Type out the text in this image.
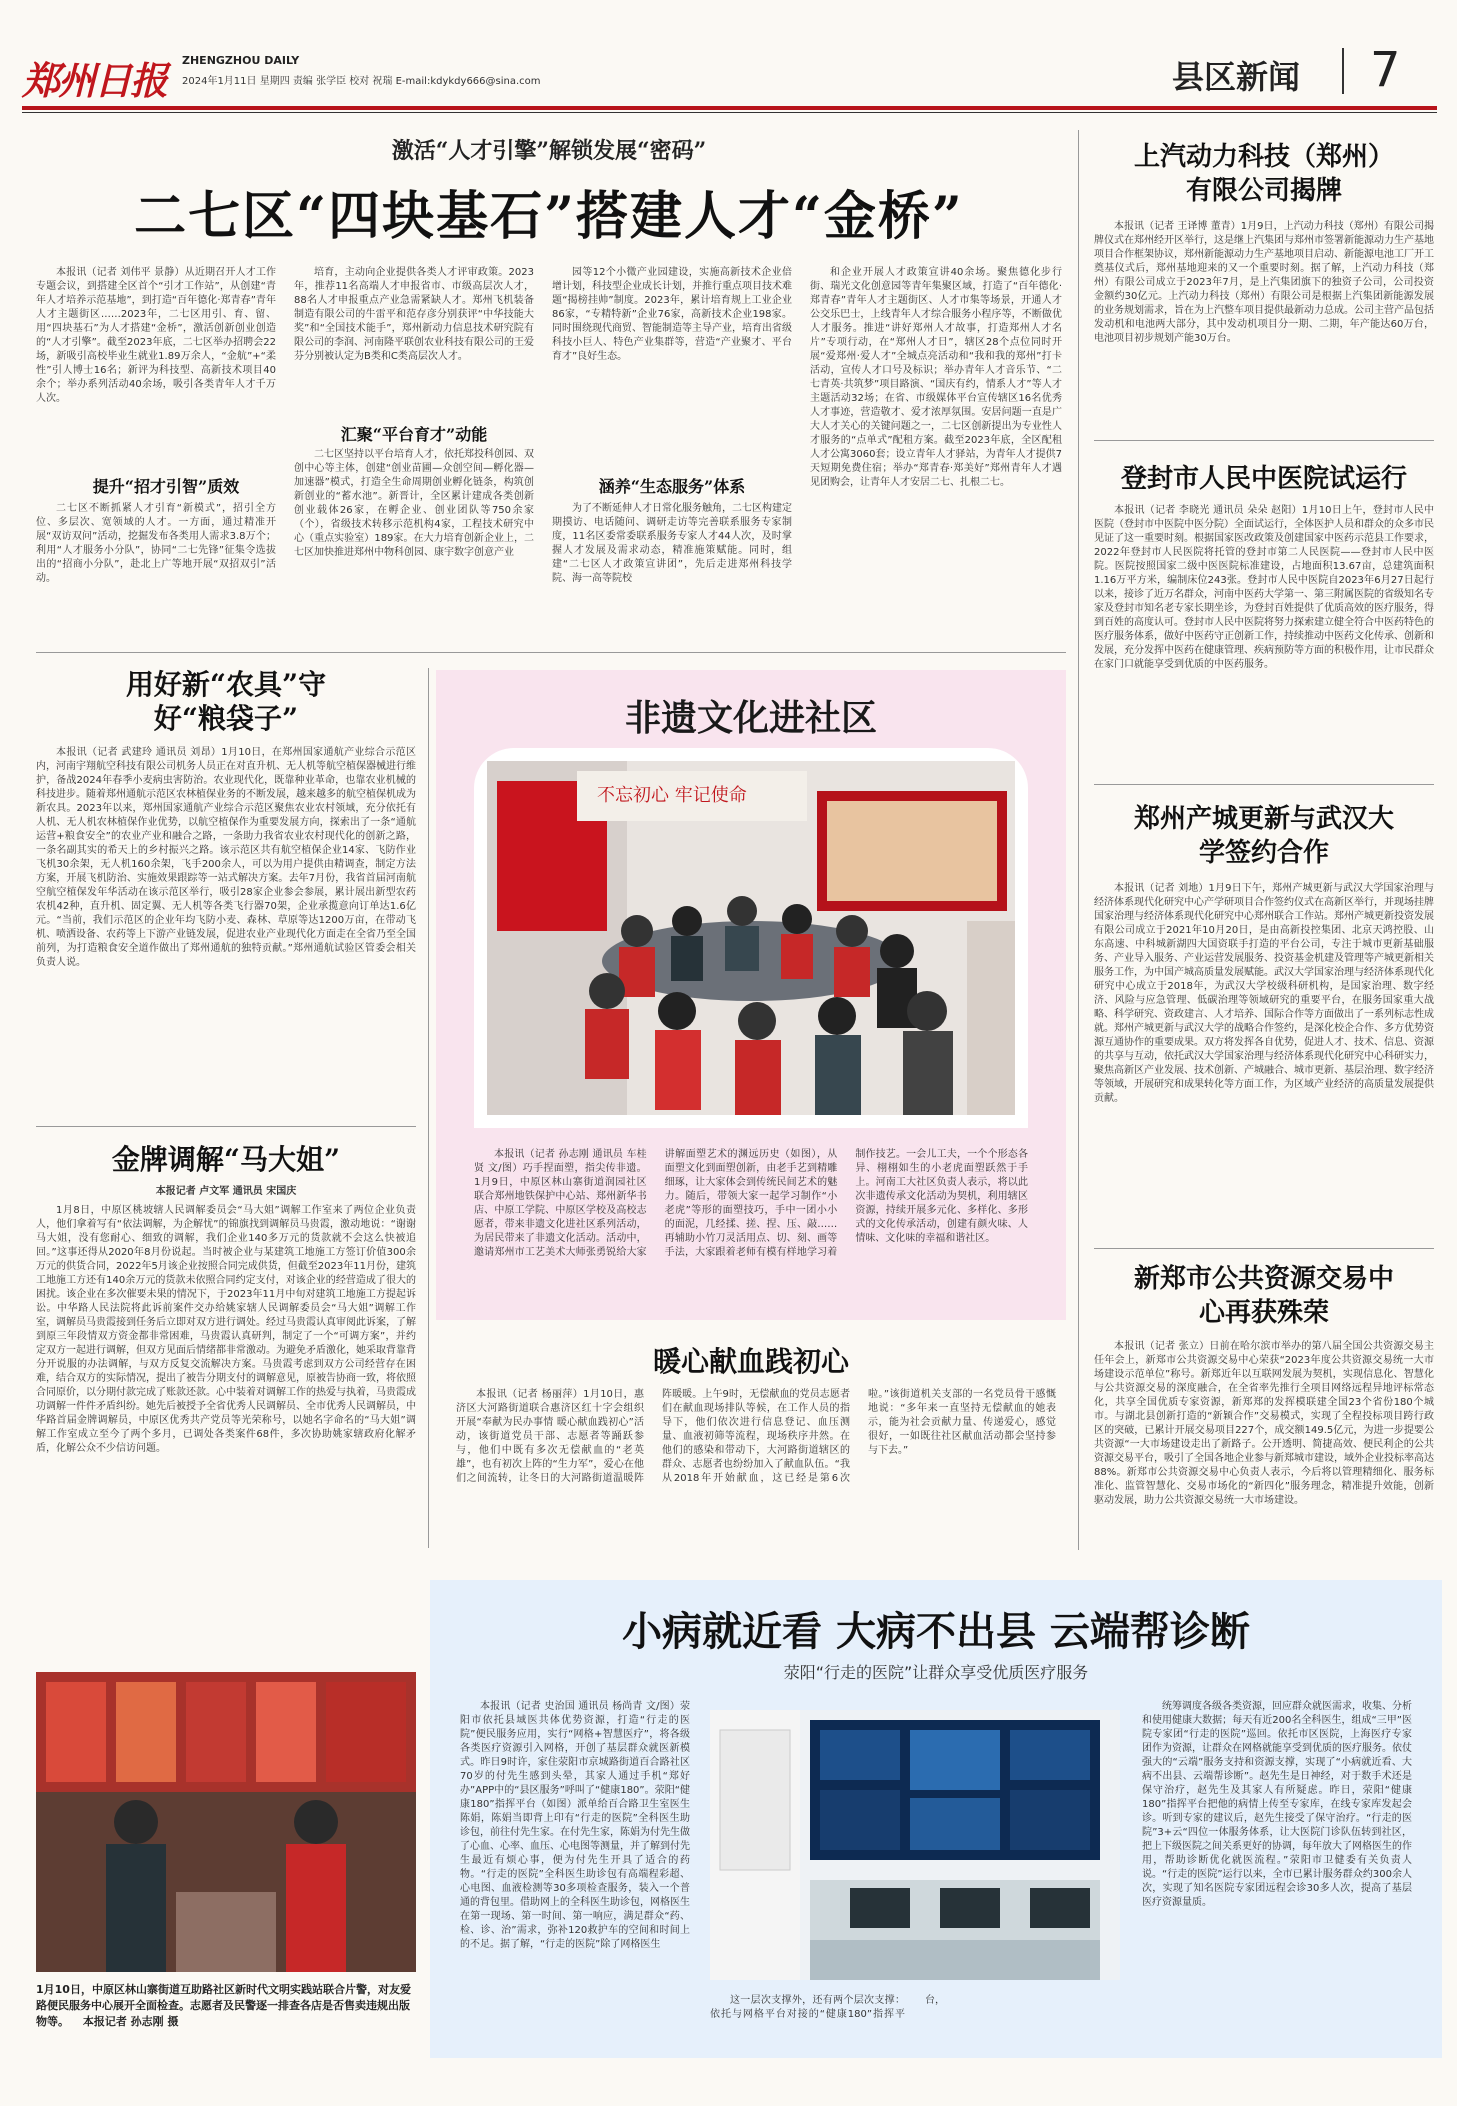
郑州日报 ZHENGZHOU DAILY
2024年1月11日 星期四 责编 张学臣 校对 祝瑞 E-mail:kdykdy666@sina.com	县区新闻 7
激活“人才引擎”解锁发展“密码”
二七区“四块基石”搭建人才“金桥”

本报讯（记者 刘伟平 景静）从近期召开人才工作专题会议，到搭建全区首个“引才工作站”，从创建“青年人才培养示范基地”，到打造“百年德化·郑青春”青年人才主题街区……2023年，二七区用引、育、留、用“四块基石”为人才搭建“金桥”，激活创新创业创造的“人才引擎”。截至2023年底，二七区举办招聘会22场，新吸引高校毕业生就业1.89万余人，“金航”+“柔性”引人博士16名；新评为科技型、高新技术项目40余个；举办系列活动40余场，吸引各类青年人才千万人次。

提升“招才引智”质效

二七区不断抓紧人才引育“新模式”，招引全方位、多层次、宽领域的人才。一方面，通过精准开展“双访双问”活动，挖掘发布各类用人需求3.8万个；利用“人才服务小分队”，协同“二七先锋”征集令选拔出的“招商小分队”，赴北上广等地开展“双招双引”活动。

培育，主动向企业提供各类人才评审政策。2023年，推荐11名高端人才申报省市、市级高层次人才，88名人才申报重点产业急需紧缺人才。郑州飞机装备制造有限公司的牛雷平和范存彦分别获评“中华技能大奖”和“全国技术能手”，郑州新动力信息技术研究院有限公司的李润、河南隆平联创农业科技有限公司的王爱芬分别被认定为B类和C类高层次人才。

汇聚“平台育才”动能

二七区坚持以平台培育人才，依托郑投科创园、双创中心等主体，创建“创业苗圃—众创空间—孵化器—加速器”模式，打造全生命周期创业孵化链条，构筑创新创业的“蓄水池”。新晋计，全区累计建成各类创新创业载体26家，在孵企业、创业团队等750余家（个），省级技术转移示范机构4家，工程技术研究中心（重点实验室）189家。在大力培育创新企业上，二七区加快推进郑州中物科创园、康宇数字创意产业

园等12个小微产业园建设，实施高新技术企业倍增计划，科技型企业成长计划，并推行重点项目技术难题“揭榜挂帅”制度。2023年，累计培育规上工业企业86家，“专精特新”企业76家，高新技术企业198家。同时围绕现代商贸、智能制造等主导产业，培育出省级科技小巨人、特色产业集群等，营造“产业聚才、平台育才”良好生态。

涵养“生态服务”体系

为了不断延伸人才日常化服务触角，二七区构建定期摸访、电话随问、调研走访等完善联系服务专家制度，11名区委常委联系服务专家人才44人次，及时掌握人才发展及需求动态，精准施策赋能。同时，组建“二七区人才政策宣讲团”，先后走进郑州科技学院、海一高等院校

和企业开展人才政策宣讲40余场。聚焦德化步行街、瑞光文化创意园等青年集聚区域，打造了“百年德化·郑青春”青年人才主题街区、人才市集等场景，开通人才公交乐巴士，上线青年人才综合服务小程序等，不断做优人才服务。推进“讲好郑州人才故事，打造郑州人才名片”专项行动，在“郑州人才日”，辖区28个点位同时开展“爱郑州·爱人才”全城点亮活动和“我和我的郑州”打卡活动，宣传人才口号及标识；举办青年人才音乐节、“二七青英·共筑梦”项目路演、“国庆有约，情系人才”等人才主题活动32场；在省、市级媒体平台宣传辖区16名优秀人才事迹，营造敬才、爱才浓厚氛围。安居问题一直是广大人才关心的关键问题之一，二七区创新提出为专业性人才服务的“点单式”配租方案。截至2023年底，全区配租人才公寓3060套；设立青年人才驿站，为青年人才提供7天短期免费住宿；举办“郑青春·郑美好”郑州青年人才遇见团购会，让青年人才安居二七、扎根二七。

上汽动力科技（郑州）有限公司揭牌

本报讯（记者 王译博 董青）1月9日，上汽动力科技（郑州）有限公司揭牌仪式在郑州经开区举行，这是继上汽集团与郑州市签署新能源动力生产基地项目合作框架协议，郑州新能源动力生产基地项目启动、新能源电池工厂开工奠基仪式后，郑州基地迎来的又一个重要时刻。据了解，上汽动力科技（郑州）有限公司成立于2023年7月，是上汽集团旗下的独资子公司，公司投资金额约30亿元。上汽动力科技（郑州）有限公司是根据上汽集团新能源发展的业务规划需求，旨在为上汽整车项目提供最新动力总成。公司主营产品包括发动机和电池两大部分，其中发动机项目分一期、二期，年产能达60万台，电池项目初步规划产能30万台。

登封市人民中医院试运行

本报讯（记者 李晓光 通讯员 朵朵 赵阳）1月10日上午，登封市人民中医院（登封市中医院中医分院）全面试运行，全体医护人员和群众的众多市民见证了这一重要时刻。根据国家医改政策及创建国家中医药示范县工作要求，2022年登封市人民医院将托管的登封市第二人民医院——登封市人民中医院。医院按照国家二级中医医院标准建设，占地面积13.67亩，总建筑面积1.16万平方米，编制床位243张。登封市人民中医院自2023年6月27日起行以来，接诊了近万名群众，河南中医药大学第一、第三附属医院的省级知名专家及登封市知名老专家长期坐诊，为登封百姓提供了优质高效的医疗服务，得到百姓的高度认可。登封市人民中医院将努力探索建立健全符合中医药特色的医疗服务体系，做好中医药守正创新工作，持续推动中医药文化传承、创新和发展，充分发挥中医药在健康管理、疾病预防等方面的积极作用，让市民群众在家门口就能享受到优质的中医药服务。

郑州产城更新与武汉大学签约合作

本报讯（记者 刘地）1月9日下午，郑州产城更新与武汉大学国家治理与经济体系现代化研究中心产学研项目合作签约仪式在高新区举行，并现场挂牌国家治理与经济体系现代化研究中心郑州联合工作站。郑州产城更新投资发展有限公司成立于2021年10月20日，是由高新投控集团、北京天鸿控股、山东高速、中科城新湖四大国资联手打造的平台公司，专注于城市更新基础服务、产业导入服务、产业运营发展服务、投资基金机建及管理等产城更新相关服务工作，为中国产城高质量发展赋能。武汉大学国家治理与经济体系现代化研究中心成立于2018年，为武汉大学校级科研机构，是国家治理、数字经济、风险与应急管理、低碳治理等领域研究的重要平台，在服务国家重大战略、科学研究、资政建言、人才培养、国际合作等方面做出了一系列标志性成就。郑州产城更新与武汉大学的战略合作签约，是深化校企合作、多方优势资源互通协作的重要成果。双方将发挥各自优势，促进人才、技术、信息、资源的共享与互动，依托武汉大学国家治理与经济体系现代化研究中心科研实力，聚焦高新区产业发展、技术创新、产城融合、城市更新、基层治理、数字经济等领域，开展研究和成果转化等方面工作，为区域产业经济的高质量发展提供贡献。

新郑市公共资源交易中心再获殊荣

本报讯（记者 张立）日前在哈尔滨市举办的第八届全国公共资源交易主任年会上，新郑市公共资源交易中心荣获“2023年度公共资源交易统一大市场建设示范单位”称号。新郑近年以互联网发展为契机，实现信息化、智慧化与公共资源交易的深度融合，在全省率先推行全项目网络远程异地评标常态化，共享全国优质专家资源，新郑郑的发挥模联建全国23个省份180个城市。与湖北县创新打造的“新颖合作”交易模式，实现了全程投标项目跨行政区的突破，已累计开展交易项目227个，成交额149.5亿元，为进一步提要公共资源“一大市场建设走出了新路子。公开透明、简捷高效、便民利企的公共资源交易平台，吸引了全国各地企业参与新郑城市建设，域外企业投标率高达88%。新郑市公共资源交易中心负责人表示，今后将以管理精细化、服务标准化、监管智慧化、交易市场化的“新四化”服务理念，精准提升效能，创新驱动发展，助力公共资源交易统一大市场建设。

用好新“农具”守好“粮袋子”

本报讯（记者 武建玲 通讯员 刘昂）1月10日，在郑州国家通航产业综合示范区内，河南宇翔航空科技有限公司机务人员正在对直升机、无人机等航空植保器械进行维护，备战2024年春季小麦病虫害防治。农业现代化，既靠种业革命，也靠农业机械的科技进步。随着郑州通航示范区农林植保业务的不断发展，越来越多的航空植保机成为新农具。2023年以来，郑州国家通航产业综合示范区聚焦农业农村领域，充分依托有人机、无人机农林植保作业优势，以航空植保作为重要发展方向，探索出了一条“通航运营+粮食安全”的农业产业和融合之路，一条助力我省农业农村现代化的创新之路，一条名副其实的希天上的乡村振兴之路。该示范区共有航空植保企业14家、飞防作业飞机30余架，无人机160余架，飞手200余人，可以为用户提供由精调查，制定方法方案，开展飞机防治、实施效果跟踪等一站式解决方案。去年7月份，我省首届河南航空航空植保发年华活动在该示范区举行，吸引28家企业参会参展，累计展出新型农药农机42种，直升机、固定翼、无人机等各类飞行器70架，企业承揽意向订单达1.6亿元。“当前，我们示范区的企业年均飞防小麦、森林、草原等达1200万亩，在带动飞机、喷洒设备、农药等上下游产业链发展，促进农业产业现代化方面走在全省乃至全国前列，为打造粮食安全道作做出了郑州通航的独特贡献。”郑州通航试验区管委会相关负责人说。

金牌调解“马大姐”
本报记者 卢文军 通讯员 宋国庆

1月8日，中原区桃坡辖人民调解委员会“马大姐”调解工作室来了两位企业负责人，他们拿着写有“依法调解，为企解忧”的锦旗找到调解员马贵霞，激动地说：“谢谢马大姐，没有您耐心、细致的调解，我们企业140多万元的货款就不会这么快被追回。”这事还得从2020年8月份说起。当时被企业与某建筑工地施工方签订价值300余万元的供货合同，2022年5月该企业按照合同完成供货，但截至2023年11月份，建筑工地施工方还有140余万元的货款未依照合同约定支付，对该企业的经营造成了很大的困扰。该企业在多次催要未果的情况下，于2023年11月中旬对建筑工地施工方提起诉讼。中华路人民法院将此诉前案件交办给姚家辖人民调解委员会“马大姐”调解工作室，调解员马贵霞接到任务后立即对双方进行调处。经过马贵霞认真审阅此诉案，了解到原三年段情双方资金都非常困难，马贵霞认真研判，制定了一个“可调方案”，并约定双方一起进行调解，但双方见面后情绪都非常激动。为避免矛盾激化，她采取背靠背分开说服的办法调解，与双方反复交流解决方案。马贵霞考虑到双方公司经营存在困难，结合双方的实际情况，提出了被告分期支付的调解意见，原被告协商一致，将依照合同原价，以分期付款完成了账款还款。心中装着对调解工作的热爱与执着，马贵霞成功调解一件件矛盾纠纷。她先后被授予全省优秀人民调解员、全市优秀人民调解员，中华路首届金牌调解员，中原区优秀共产党员等光荣称号，以她名字命名的“马大姐”调解工作室成立至今了两个多月，已调处各类案件68件，多次协助姚家辖政府化解矛盾，化解公众不少信访问题。

非遗文化进社区
不忘初心 牢记使命

本报讯（记者 孙志刚 通讯员 车桂贤 文/图）巧手捏面塑，指尖传非遗。1月9日，中原区林山寨街道润园社区联合郑州地铁保护中心站、郑州新华书店、中原工学院、中原区学校及高校志愿者，带来非遗文化进社区系列活动，为居民带来了非遗文化活动。活动中，邀请郑州市工艺美术大师张勇锐给大家讲解面塑艺术的渊远历史（如图），从面塑文化到面塑创新，由老手艺到精雕细琢，让大家体会到传统民间艺术的魅力。随后，带领大家一起学习制作“小老虎”等形的面塑技巧，手中一团小小的面泥，几经揉、搓、捏、压、敲……再辅助小竹刀灵活用点、切、刻、画等手法，大家跟着老师有模有样地学习着制作技艺。一会儿工夫，一个个形态各异、栩栩如生的小老虎面塑跃然于手上。河南工大社区负责人表示，将以此次非遗传承文化活动为契机，利用辖区资源，持续开展多元化、多样化、多形式的文化传承活动，创建有颜火味、人情味、文化味的幸福和谐社区。

暖心献血践初心

本报讯（记者 杨丽萍）1月10日，惠济区大河路街道联合惠济区红十字会组织开展“奉献为民办事情 暖心献血践初心”活动，该街道党员干部、志愿者等踊跃参与，他们中既有多次无偿献血的“老英雄”，也有初次上阵的“生力军”，爱心在他们之间流转，让冬日的大河路街道温暖阵阵暖暖。上午9时，无偿献血的党员志愿者们在献血现场排队等候，在工作人员的指导下，他们依次进行信息登记、血压测量、血液初筛等流程，现场秩序井然。在他们的感染和带动下，大河路街道辖区的群众、志愿者也纷纷加入了献血队伍。“我从2018年开始献血，这已经是第6次啦。”该街道机关支部的一名党员骨干感慨地说：“多年来一直坚持无偿献血的她表示，能为社会贡献力量、传递爱心，感觉很好，一如既往社区献血活动都会坚持参与下去。”

1月10日，中原区林山寨街道互助路社区新时代文明实践站联合片警，对友爱路便民服务中心展开全面检查。志愿者及民警逐一排查各店是否售卖违规出版物等。 本报记者 孙志刚 摄
小病就近看 大病不出县 云端帮诊断
荥阳“行走的医院”让群众享受优质医疗服务

本报讯（记者 史治国 通讯员 杨尚青 文/图）荥阳市依托县域医共体优势资源，打造“行走的医院”便民服务应用，实行“网格+智慧医疗”，将各级各类医疗资源引入网格，开创了基层群众就医新模式。昨日9时许，家住荥阳市京城路街道百合路社区70岁的付先生感到头晕，其家人通过手机“郑好办”APP中的“县区服务”呼叫了“健康180”。荥阳“健康180”指挥平台（如图）派单给百合路卫生室医生陈娟，陈娟当即背上印有“行走的医院”全科医生助诊包，前往付先生家。在付先生家，陈娟为付先生做了心血、心率、血压、心电图等测量，并了解到付先生最近有烦心事，便为付先生开具了适合的药物。“行走的医院”全科医生助诊包有高端程彩超、心电图、血液检测等30多项检查服务，装入一个普通的背包里。借助网上的全科医生助诊包，网格医生在第一现场、第一时间、第一响应，满足群众“药、检、诊、治”需求，弥补120救护车的空间和时间上的不足。据了解，“行走的医院”除了网格医生

这一层次支撑外，还有两个层次支撑：依托与网格平台对接的“健康180”指挥平台，

统筹调度各级各类资源，回应群众就医需求，收集、分析和使用健康大数据；每天有近200名全科医生，组成“三甲”医院专家团“行走的医院”巡回。依托市区医院，上海医疗专家团作为资源，让群众在网格就能享受到优质的医疗服务。依仗强大的“云端”服务支持和资源支撑，实现了“小病就近看、大病不出县、云端帮诊断”。赵先生是日神经，对于数手术还是保守治疗，赵先生及其家人有所疑虑。昨日，荥阳“健康180”指挥平台把他的病情上传至专家库，在线专家库发起会诊。听到专家的建议后，赵先生接受了保守治疗。“行走的医院”3+云“四位一体服务体系，让大医院门诊队伍转到社区，把上下级医院之间关系更好的协调，每年放大了网格医生的作用，帮助诊断优化就医流程。”荥阳市卫健委有关负责人说。“行走的医院”运行以来，全市已累计服务群众约300余人次，实现了知名医院专家团远程会诊30多人次，提高了基层医疗资源量质。
